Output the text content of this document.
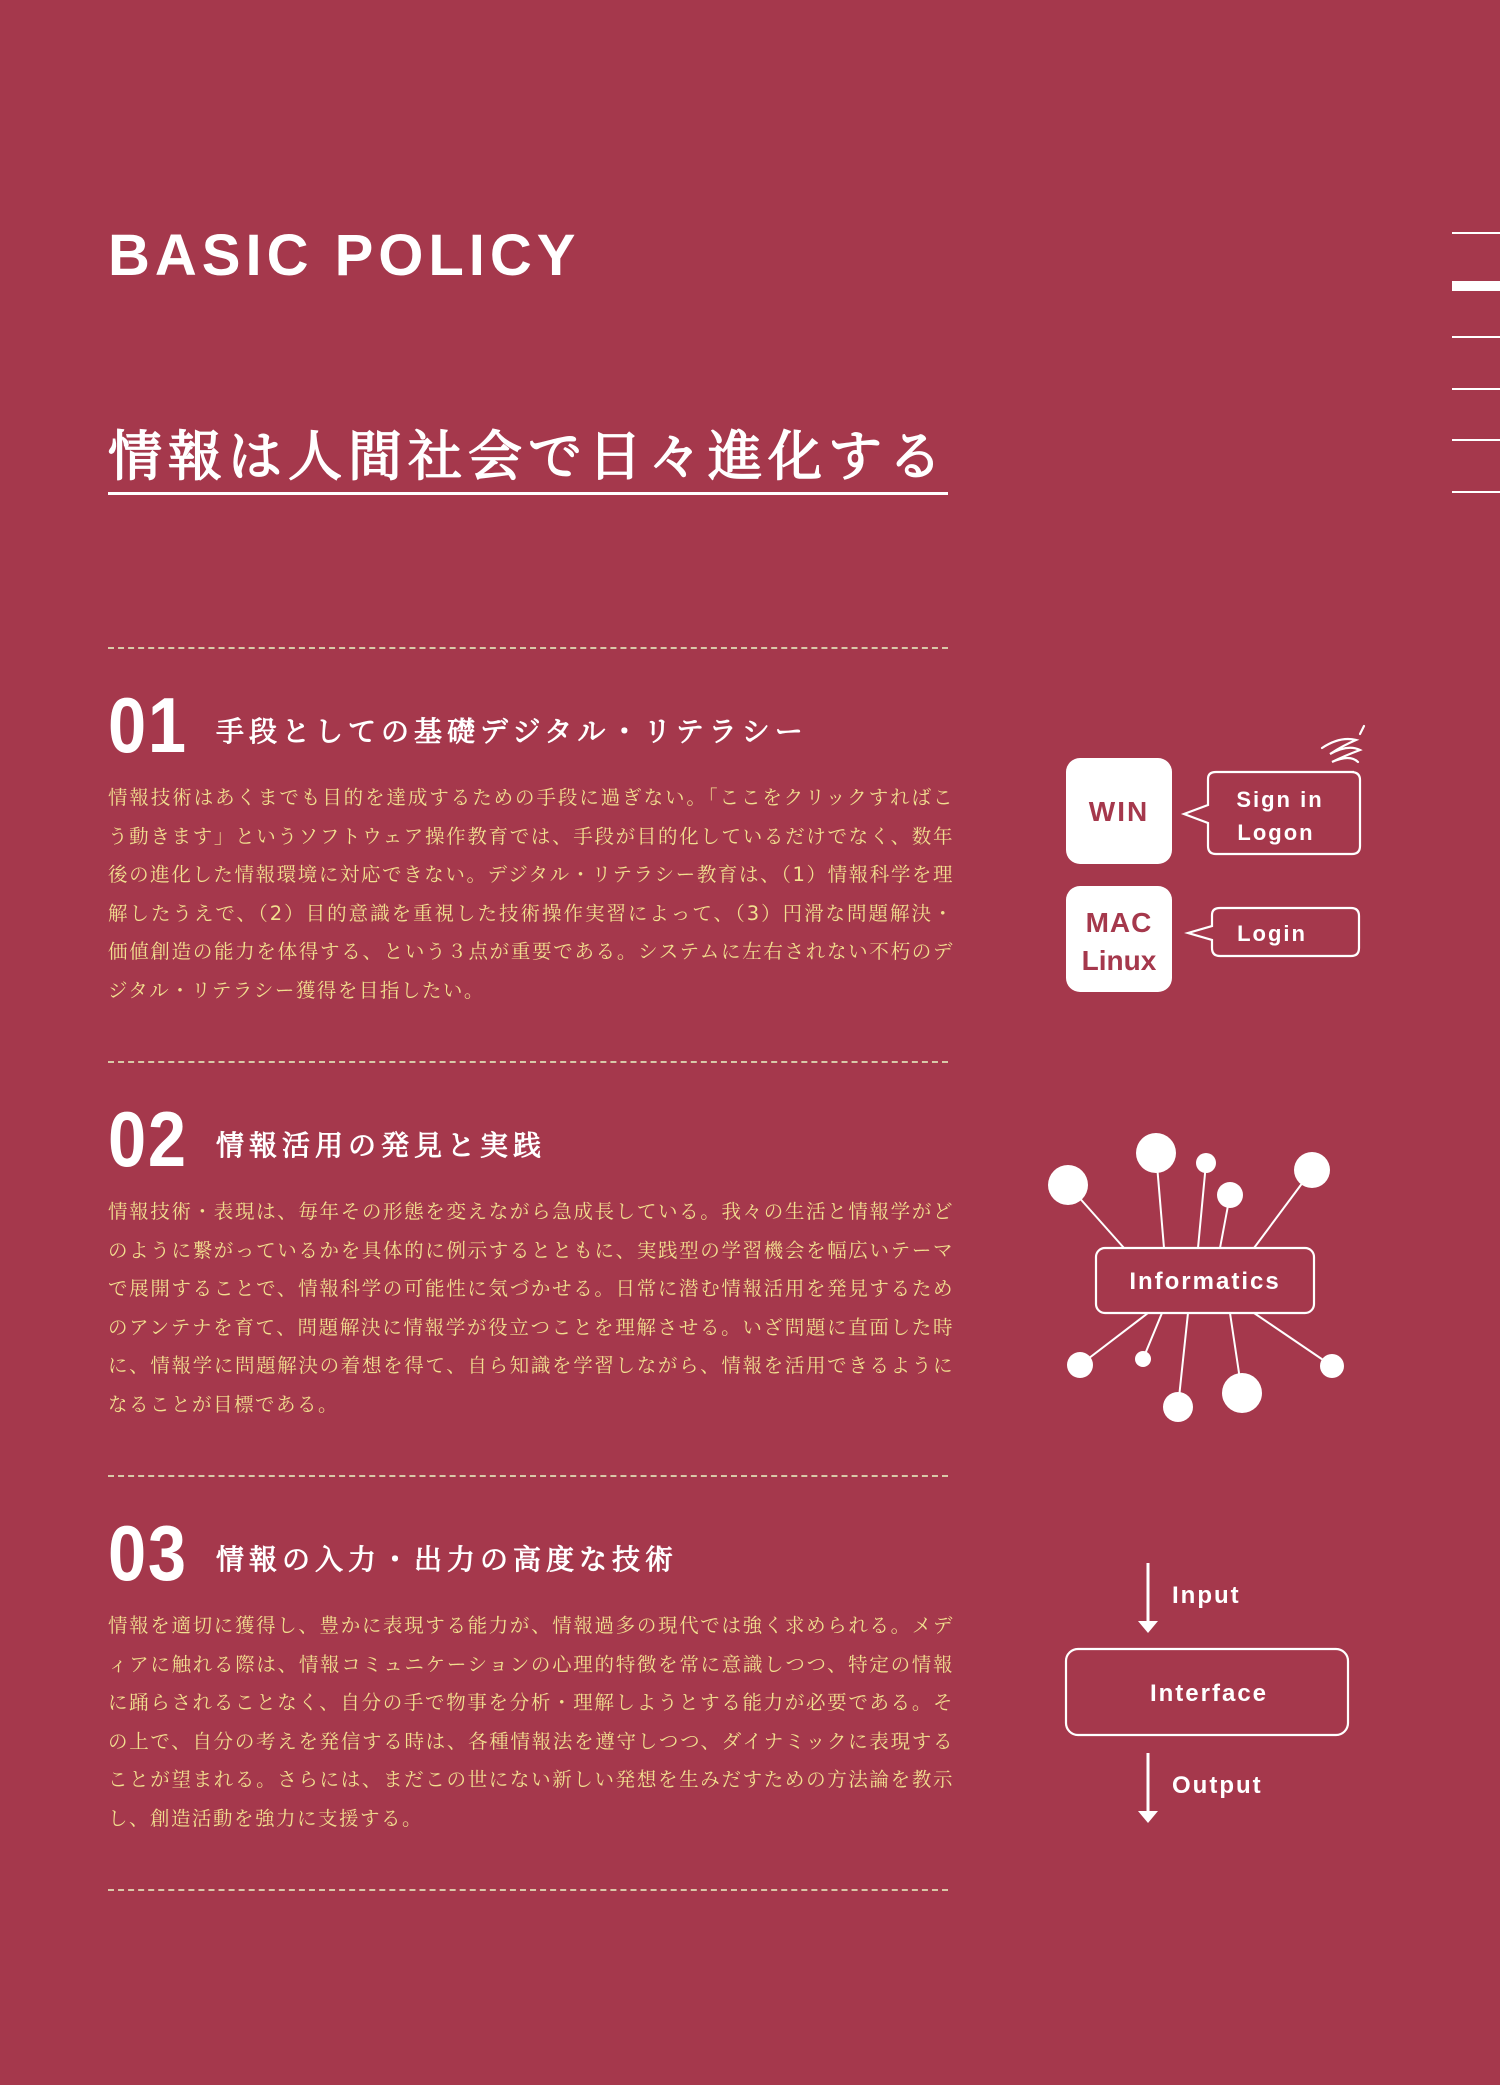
BASIC POLICY
情報は人間社会で日々進化する
01 手段としての基礎デジタル・リテラシー

情報技術はあくまでも目的を達成するための手段に過ぎない。「ここをクリックすればこう動きます」というソフトウェア操作教育では、手段が目的化しているだけでなく、数年後の進化した情報環境に対応できない。デジタル・リテラシー教育は、（1）情報科学を理解したうえで、（2）目的意識を重視した技術操作実習によって、（3）円滑な問題解決・価値創造の能力を体得する、という３点が重要である。システムに左右されない不朽のデジタル・リテラシー獲得を目指したい。

02 情報活用の発見と実践

情報技術・表現は、毎年その形態を変えながら急成長している。我々の生活と情報学がどのように繋がっているかを具体的に例示するとともに、実践型の学習機会を幅広いテーマで展開することで、情報科学の可能性に気づかせる。日常に潜む情報活用を発見するためのアンテナを育て、問題解決に情報学が役立つことを理解させる。いざ問題に直面した時に、情報学に問題解決の着想を得て、自ら知識を学習しながら、情報を活用できるようになることが目標である。

03 情報の入力・出力の高度な技術

情報を適切に獲得し、豊かに表現する能力が、情報過多の現代では強く求められる。メディアに触れる際は、情報コミュニケーションの心理的特徴を常に意識しつつ、特定の情報に踊らされることなく、自分の手で物事を分析・理解しようとする能力が必要である。その上で、自分の考えを発信する時は、各種情報法を遵守しつつ、ダイナミックに表現することが望まれる。さらには、まだこの世にない新しい発想を生みだすための方法論を教示し、創造活動を強力に支援する。

WIN	Sign in
Logon
MAC
Linux
Login
Informatics
Input
Interface
Output
